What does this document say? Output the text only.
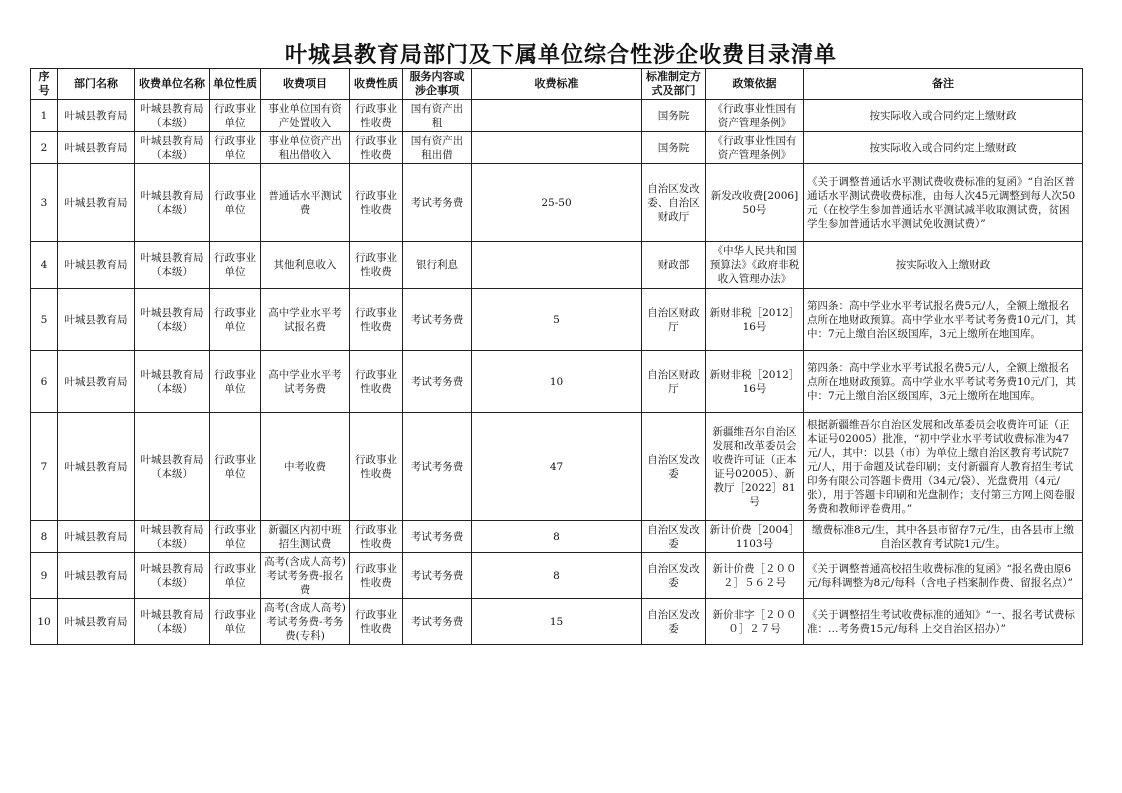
叶城县教育局部门及下属单位综合性涉企收费目录清单
序号	部门名称	收费单位名称	单位性质	收费项目	收费性质	服务内容或涉企事项	收费标准	标准制定方式及部门	政策依据	备注
1	叶城县教育局	叶城县教育局（本级）	行政事业单位	事业单位国有资产处置收入	行政事业性收费	国有资产出租		国务院	《行政事业性国有资产管理条例》	按实际收入或合同约定上缴财政
2	叶城县教育局	叶城县教育局（本级）	行政事业单位	事业单位资产出租出借收入	行政事业性收费	国有资产出租出借		国务院	《行政事业性国有资产管理条例》	按实际收入或合同约定上缴财政
3	叶城县教育局	叶城县教育局（本级）	行政事业单位	普通话水平测试费	行政事业性收费	考试考务费	25-50	自治区发改委、自治区财政厅	新发改收费[2006]50号	《关于调整普通话水平测试费收费标准的复函》“自治区普通话水平测试费收费标准，由每人次45元调整到每人次50元（在校学生参加普通话水平测试减半收取测试费，贫困学生参加普通话水平测试免收测试费）”
4	叶城县教育局	叶城县教育局（本级）	行政事业单位	其他利息收入	行政事业性收费	银行利息		财政部	《中华人民共和国预算法》《政府非税收入管理办法》	按实际收入上缴财政
5	叶城县教育局	叶城县教育局（本级）	行政事业单位	高中学业水平考试报名费	行政事业性收费	考试考务费	5	自治区财政厅	新财非税［2012］16号	第四条：高中学业水平考试报名费5元/人，全额上缴报名点所在地财政预算。高中学业水平考试考务费10元/门，其中：7元上缴自治区级国库，3元上缴所在地国库。
6	叶城县教育局	叶城县教育局（本级）	行政事业单位	高中学业水平考试考务费	行政事业性收费	考试考务费	10	自治区财政厅	新财非税［2012］16号	第四条：高中学业水平考试报名费5元/人，全额上缴报名点所在地财政预算。高中学业水平考试考务费10元/门，其中：7元上缴自治区级国库，3元上缴所在地国库。
7	叶城县教育局	叶城县教育局（本级）	行政事业单位	中考收费	行政事业性收费	考试考务费	47	自治区发改委	新疆维吾尔自治区发展和改革委员会收费许可证（正本证号02005）、新教厅［2022］81号	根据新疆维吾尔自治区发展和改革委员会收费许可证（正本证号02005）批准，“初中学业水平考试收费标准为47元/人，其中：以县（市）为单位上缴自治区教育考试院7元/人，用于命题及试卷印刷；支付新疆育人教育招生考试印务有限公司答题卡费用（34元/袋）、光盘费用（4元/张），用于答题卡印刷和光盘制作；支付第三方网上阅卷服务费和教师评卷费用。”
8	叶城县教育局	叶城县教育局（本级）	行政事业单位	新疆区内初中班招生测试费	行政事业性收费	考试考务费	8	自治区发改委	新计价费［2004］1103号	缴费标准8元/生，其中各县市留存7元/生，由各县市上缴自治区教育考试院1元/生。
9	叶城县教育局	叶城县教育局（本级）	行政事业单位	高考(含成人高考)考试考务费-报名费	行政事业性收费	考试考务费	8	自治区发改委	新计价费［２００２］５６２号	《关于调整普通高校招生收费标准的复函》“报名费由原6元/每科调整为8元/每科（含电子档案制作费、留报名点）”
10	叶城县教育局	叶城县教育局（本级）	行政事业单位	高考(含成人高考)考试考务费-考务费(专科)	行政事业性收费	考试考务费	15	自治区发改委	新价非字［２０００］２７号	《关于调整招生考试收费标准的通知》“一、报名考试费标准：…考务费15元/每科 上交自治区招办）”
